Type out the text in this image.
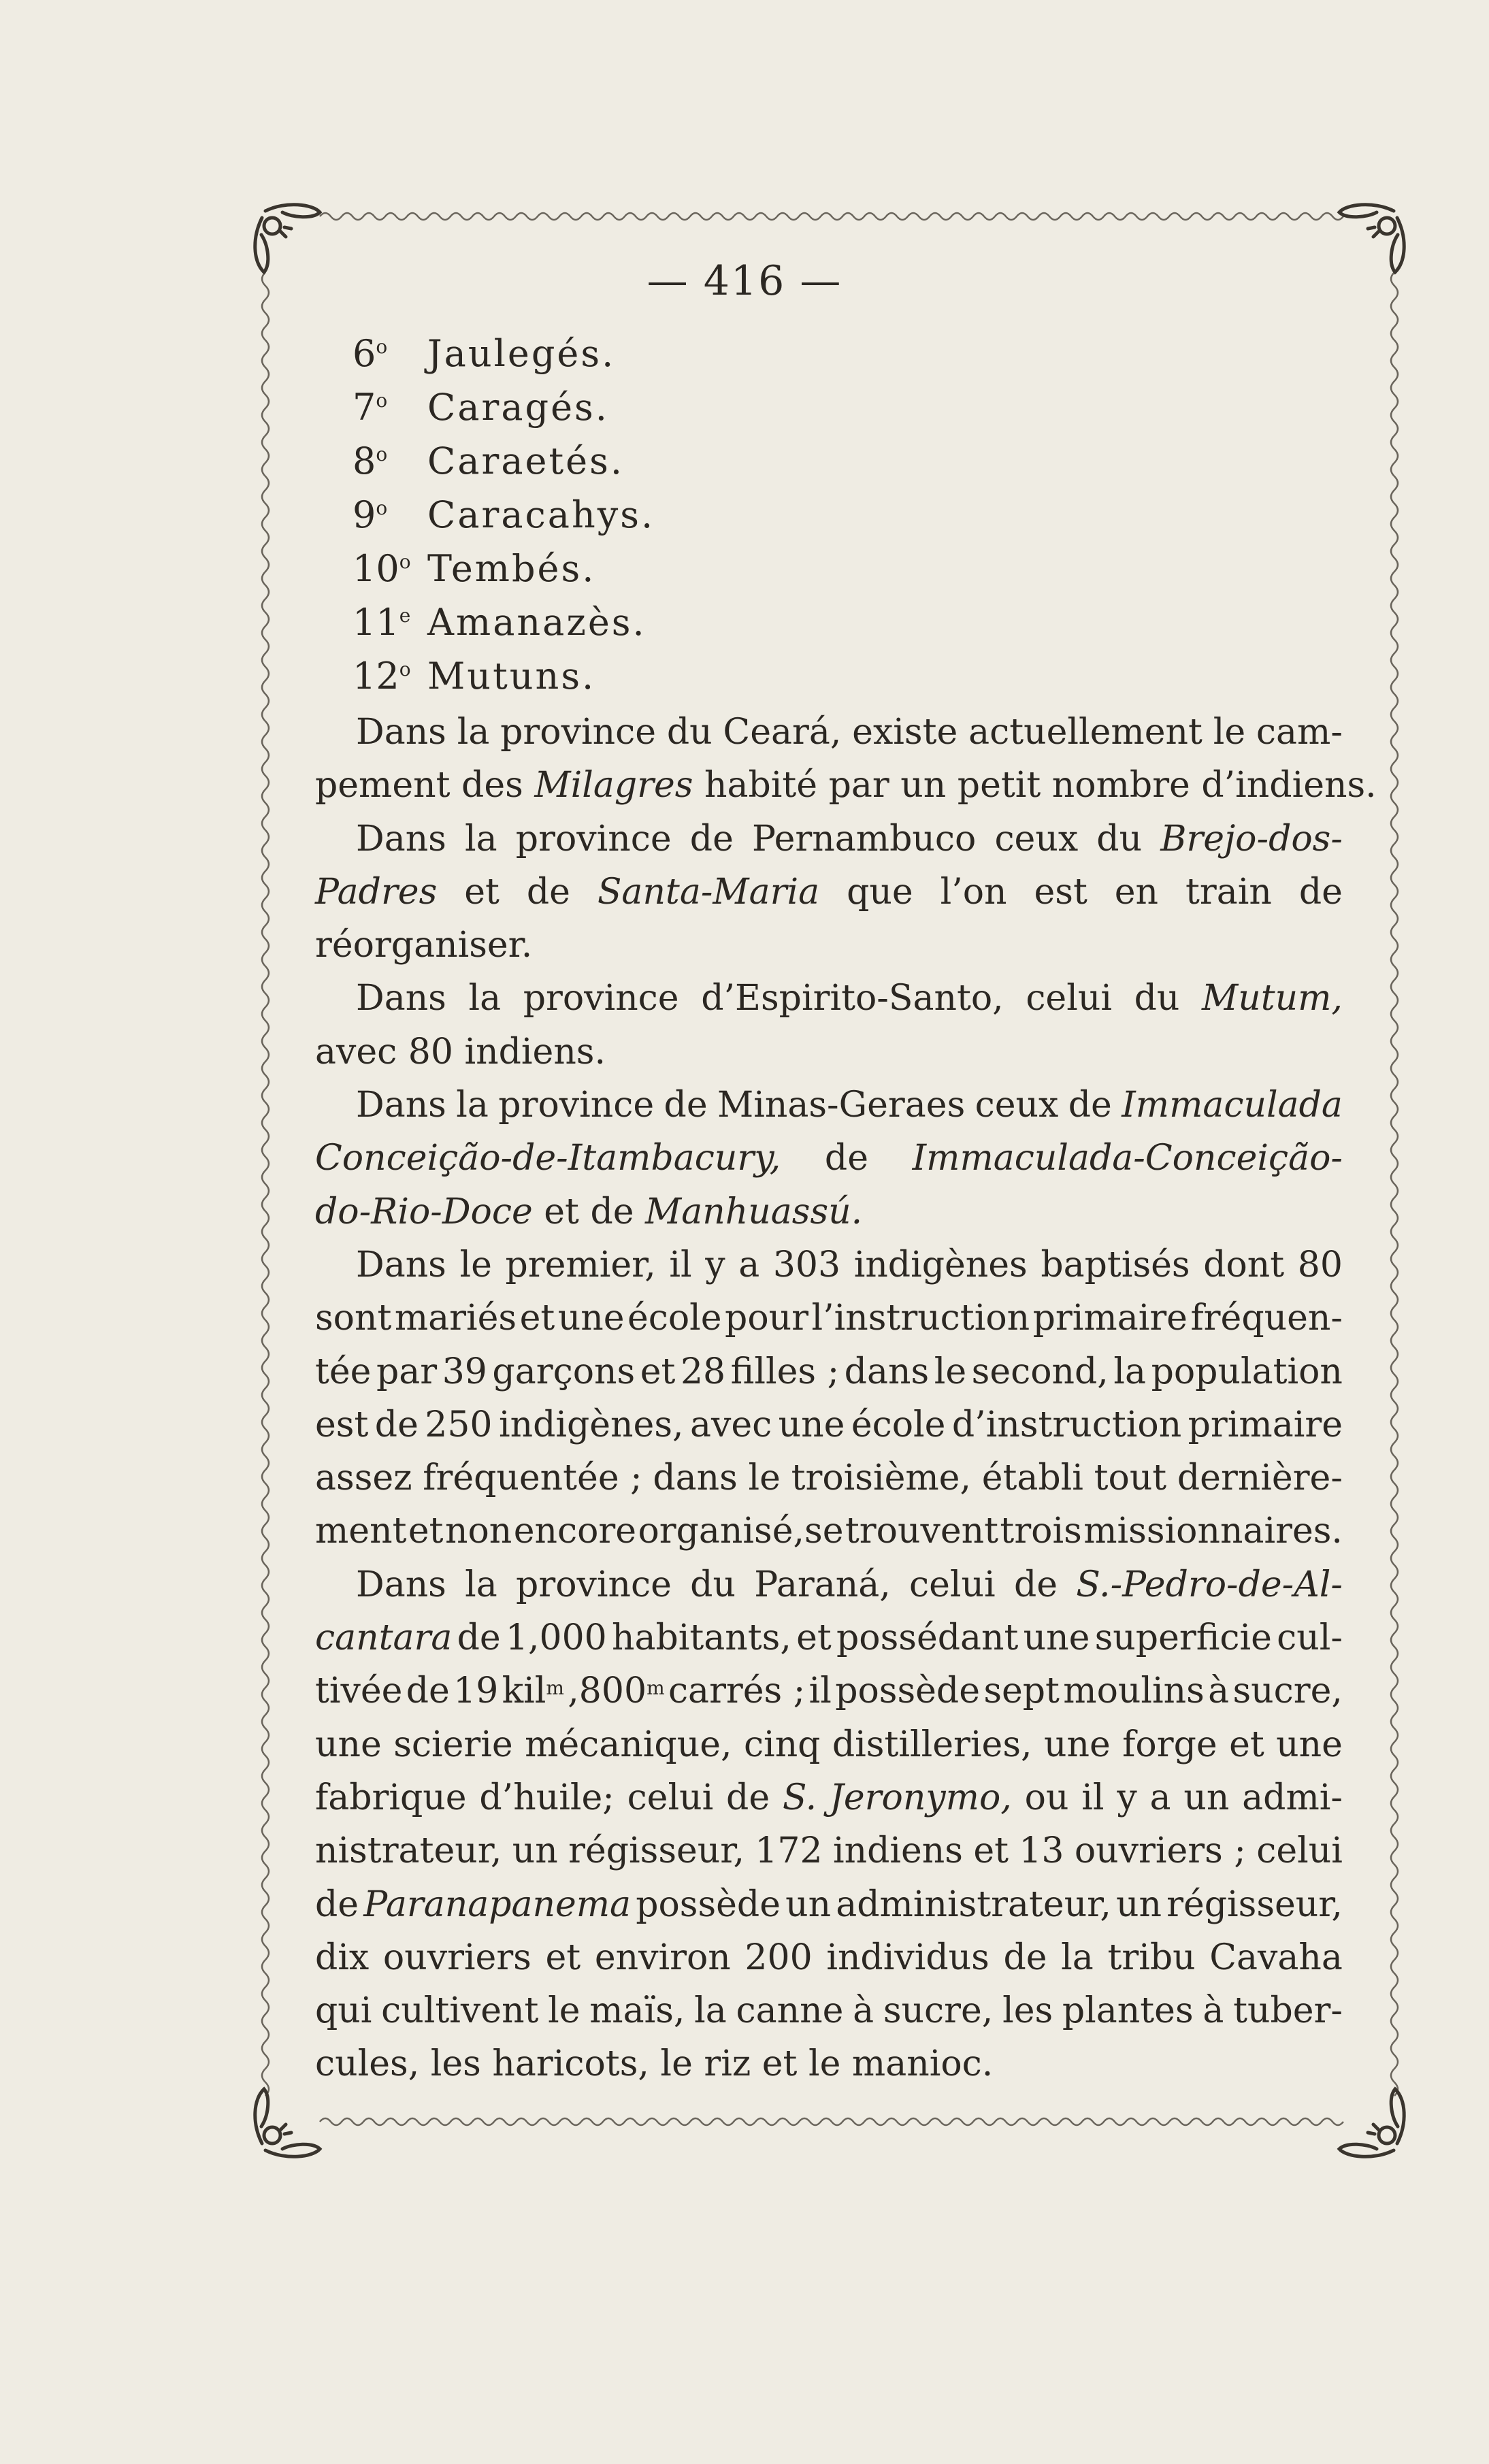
— 416 —
6$^o$ Jaulegés.
7$^o$ Caragés.
8$^o$ Caraetés.
9$^o$ Caracahys.
10$^o$ Tembés.
11e Amanazès.
12$^o$ Mutuns.
Dans la province du Ceará, existe actuellement le cam-
pement des Milagres habité par un petit nombre d’indiens.
Dans la province de Pernambuco ceux du Brejo-dos-
Padres et de Santa-Maria que l’on est en train de
réorganiser.
Dans la province d’Espirito-Santo, celui du Mutum,
avec 80 indiens.
Dans la province de Minas-Geraes ceux de Immaculada
Conceição-de-Itambacury, de Immaculada-Conceição-
do-Rio-Doce et de Manhuassú.
Dans le premier, il y a 303 indigènes baptisés dont 80
sont mariés et une école pour l’instruction primaire fréquen-
tée par 39 garçons et 28 filles ; dans le second, la population
est de 250 indigènes, avec une école d’instruction primaire
assez fréquentée ; dans le troisième, établi tout dernière-
ment et non encore organisé,se trouvent trois missionnaires.
Dans la province du Paraná, celui de S.-Pedro-de-Al-
cantara de 1,000 habitants, et possédant une superficie cul-
tivée de 19 kil$^m$ ,800$^m$ carrés ; il possède sept moulins à sucre,
une scierie mécanique, cinq distilleries, une forge et une
fabrique d’huile; celui de S. Jeronymo, ou il y a un admi-
nistrateur, un régisseur, 172 indiens et 13 ouvriers ; celui
de Paranapanema possède un administrateur, un régisseur,
dix ouvriers et environ 200 individus de la tribu Cavaha
qui cultivent le maïs, la canne à sucre, les plantes à tuber-
cules, les haricots, le riz et le manioc.
